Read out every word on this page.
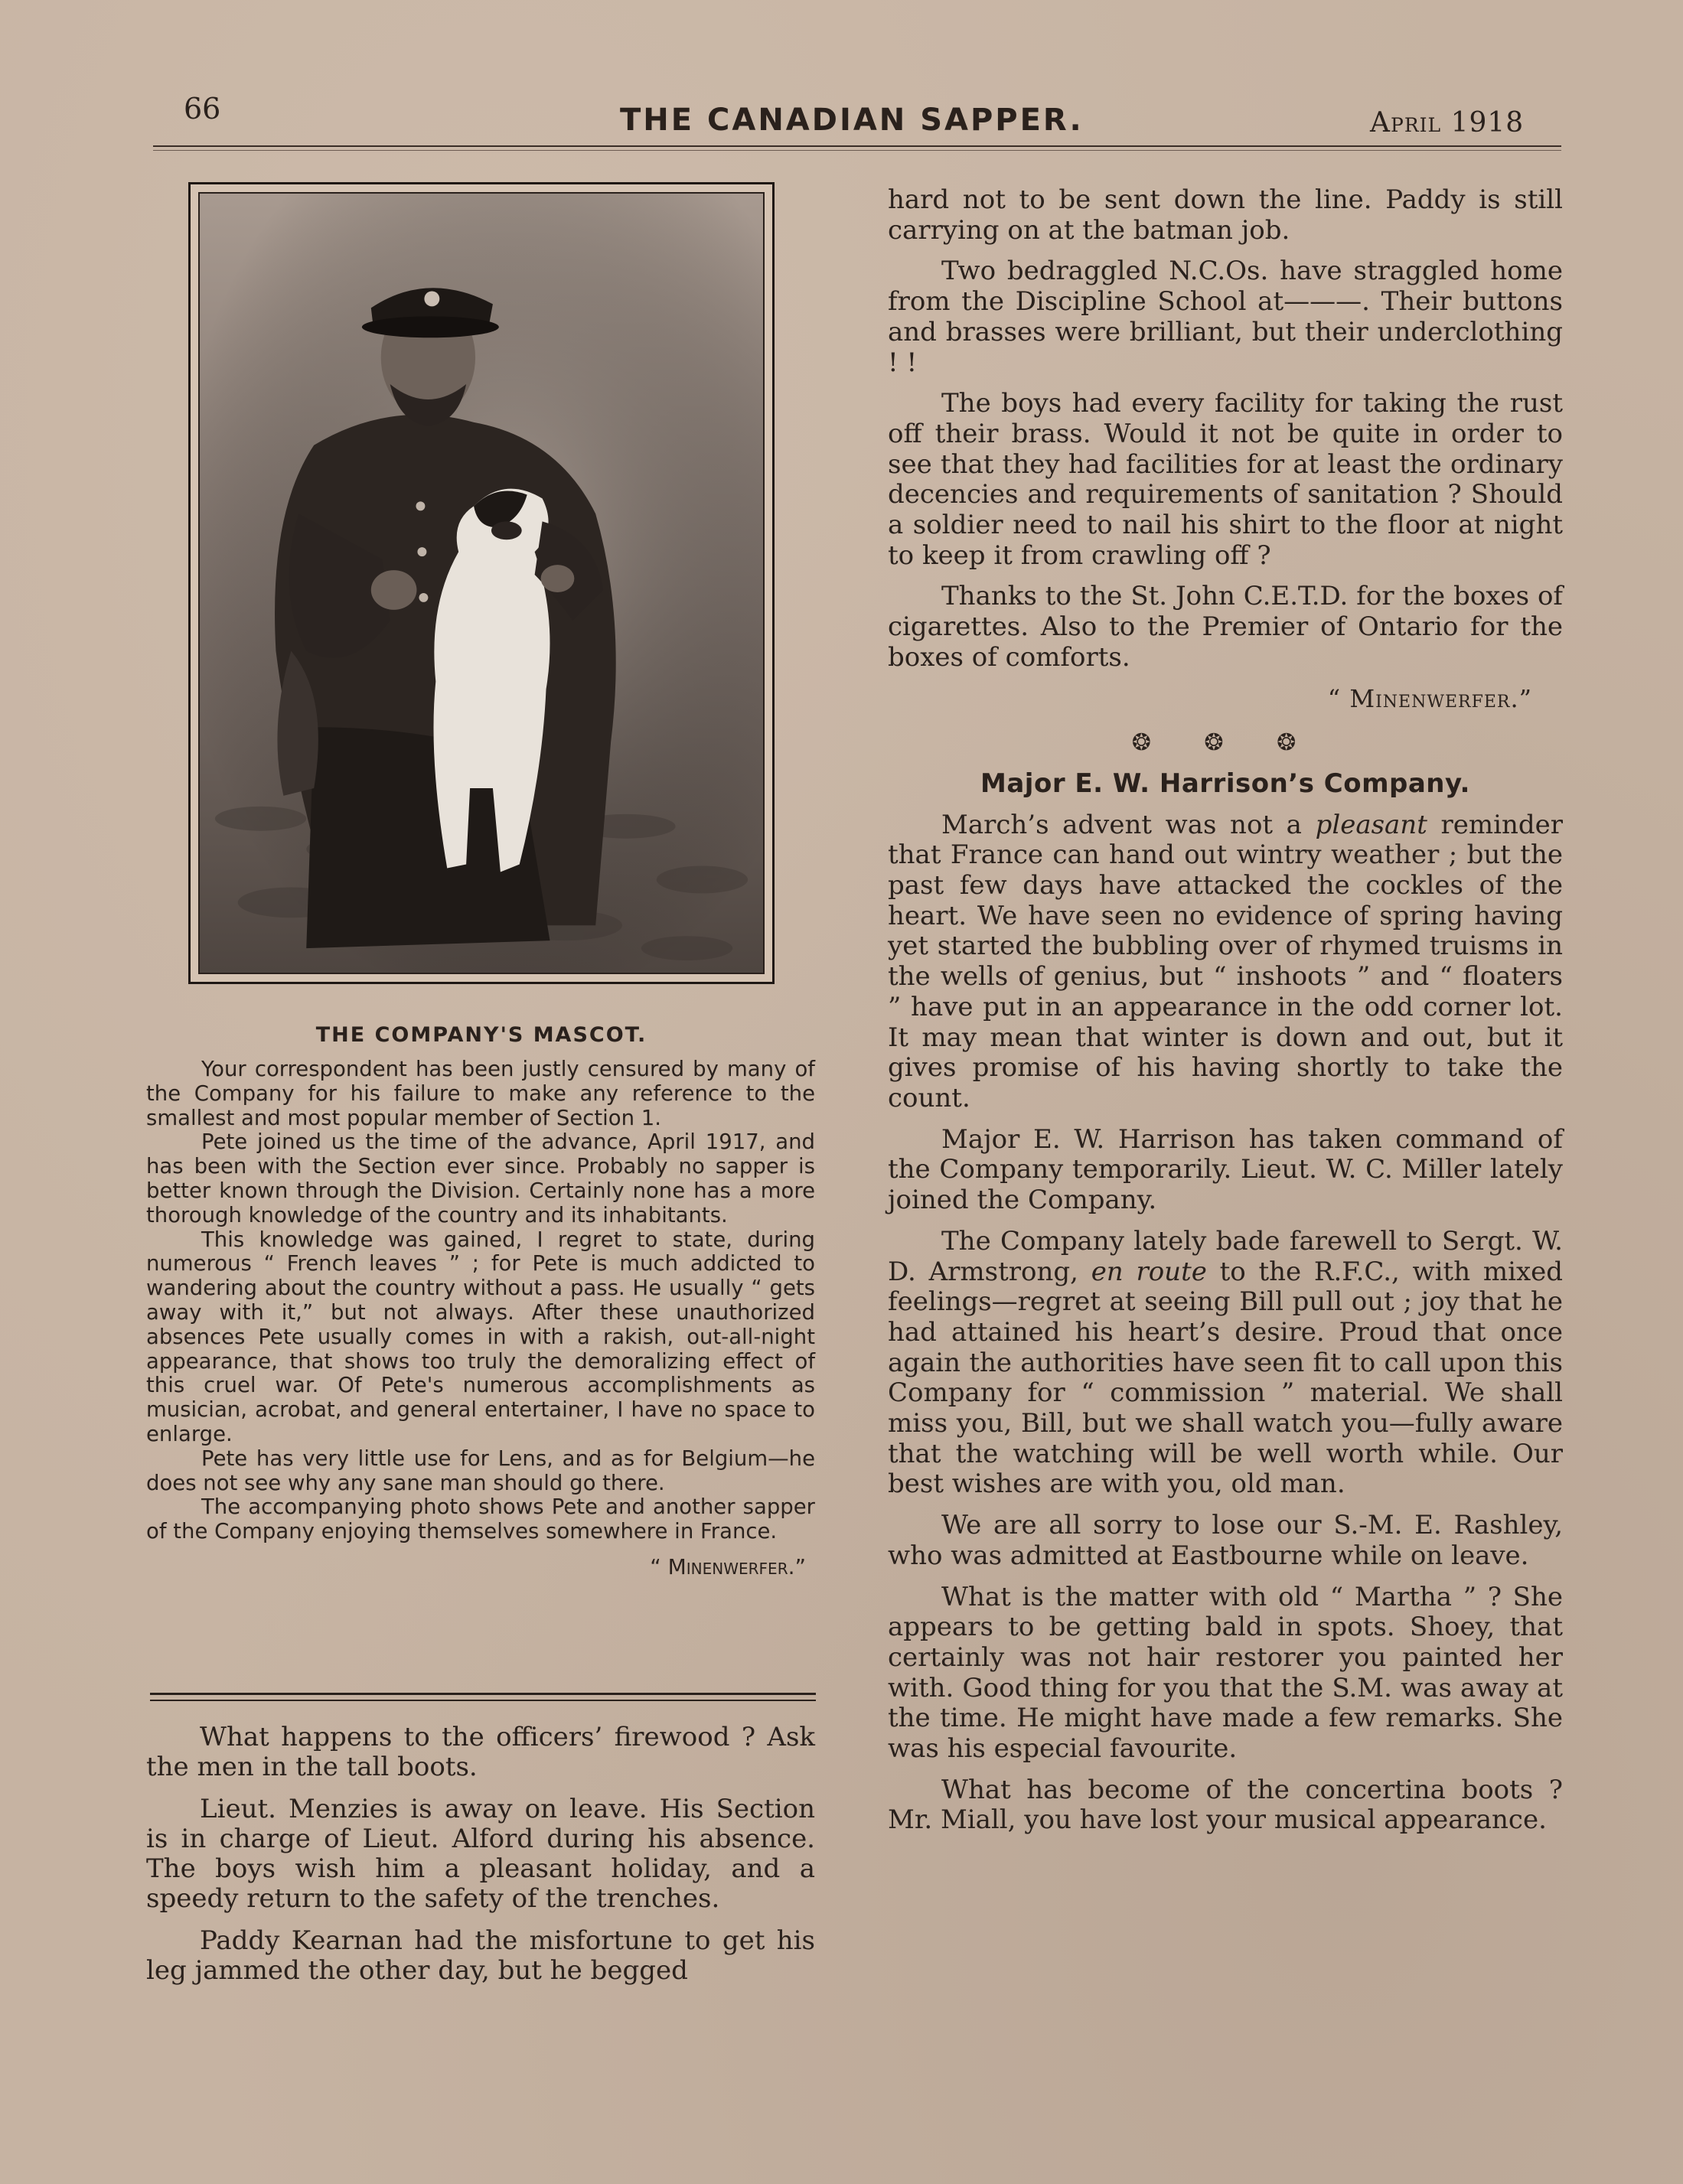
66	THE CANADIAN SAPPER.	April 1918
THE COMPANY'S MASCOT.

Your correspondent has been justly censured by many of the Company for his failure to make any reference to the smallest and most popular member of Section 1.

Pete joined us the time of the advance, April 1917, and has been with the Section ever since. Probably no sapper is better known through the Division. Certainly none has a more thorough knowledge of the country and its inhabitants.

This knowledge was gained, I regret to state, during numerous “ French leaves ” ; for Pete is much addicted to wandering about the country without a pass. He usually “ gets away with it,” but not always. After these unauthorized absences Pete usually comes in with a rakish, out-all-night appearance, that shows too truly the demoralizing effect of this cruel war. Of Pete's numerous accomplishments as musician, acrobat, and general entertainer, I have no space to enlarge.

Pete has very little use for Lens, and as for Belgium—he does not see why any sane man should go there.

The accompanying photo shows Pete and another sapper of the Company enjoying themselves somewhere in France.

“ Minenwerfer.”

What happens to the officers’ firewood ? Ask the men in the tall boots.

Lieut. Menzies is away on leave. His Section is in charge of Lieut. Alford during his absence. The boys wish him a pleasant holiday, and a speedy return to the safety of the trenches.

Paddy Kearnan had the misfortune to get his leg jammed the other day, but he begged

hard not to be sent down the line. Paddy is still carrying on at the batman job.

Two bedraggled N.C.Os. have straggled home from the Discipline School at———. Their buttons and brasses were brilliant, but their underclothing ! !

The boys had every facility for taking the rust off their brass. Would it not be quite in order to see that they had facilities for at least the ordinary decencies and requirements of sanitation ? Should a soldier need to nail his shirt to the floor at night to keep it from crawling off ?

Thanks to the St. John C.E.T.D. for the boxes of cigarettes. Also to the Premier of Ontario for the boxes of comforts.

“ Minenwerfer.”

❂ ❂ ❂
Major E. W. Harrison’s Company.

March’s advent was not a pleasant reminder that France can hand out wintry weather ; but the past few days have attacked the cockles of the heart. We have seen no evidence of spring having yet started the bubbling over of rhymed truisms in the wells of genius, but “ inshoots ” and “ floaters ” have put in an appearance in the odd corner lot. It may mean that winter is down and out, but it gives promise of his having shortly to take the count.

Major E. W. Harrison has taken command of the Company temporarily. Lieut. W. C. Miller lately joined the Company.

The Company lately bade farewell to Sergt. W. D. Armstrong, en route to the R.F.C., with mixed feelings—regret at seeing Bill pull out ; joy that he had attained his heart’s desire. Proud that once again the authorities have seen fit to call upon this Company for “ commission ” material. We shall miss you, Bill, but we shall watch you—fully aware that the watching will be well worth while. Our best wishes are with you, old man.

We are all sorry to lose our S.-M. E. Rashley, who was admitted at Eastbourne while on leave.

What is the matter with old “ Martha ” ? She appears to be getting bald in spots. Shoey, that certainly was not hair restorer you painted her with. Good thing for you that the S.M. was away at the time. He might have made a few remarks. She was his especial favourite.

What has become of the concertina boots ? Mr. Miall, you have lost your musical appearance.
